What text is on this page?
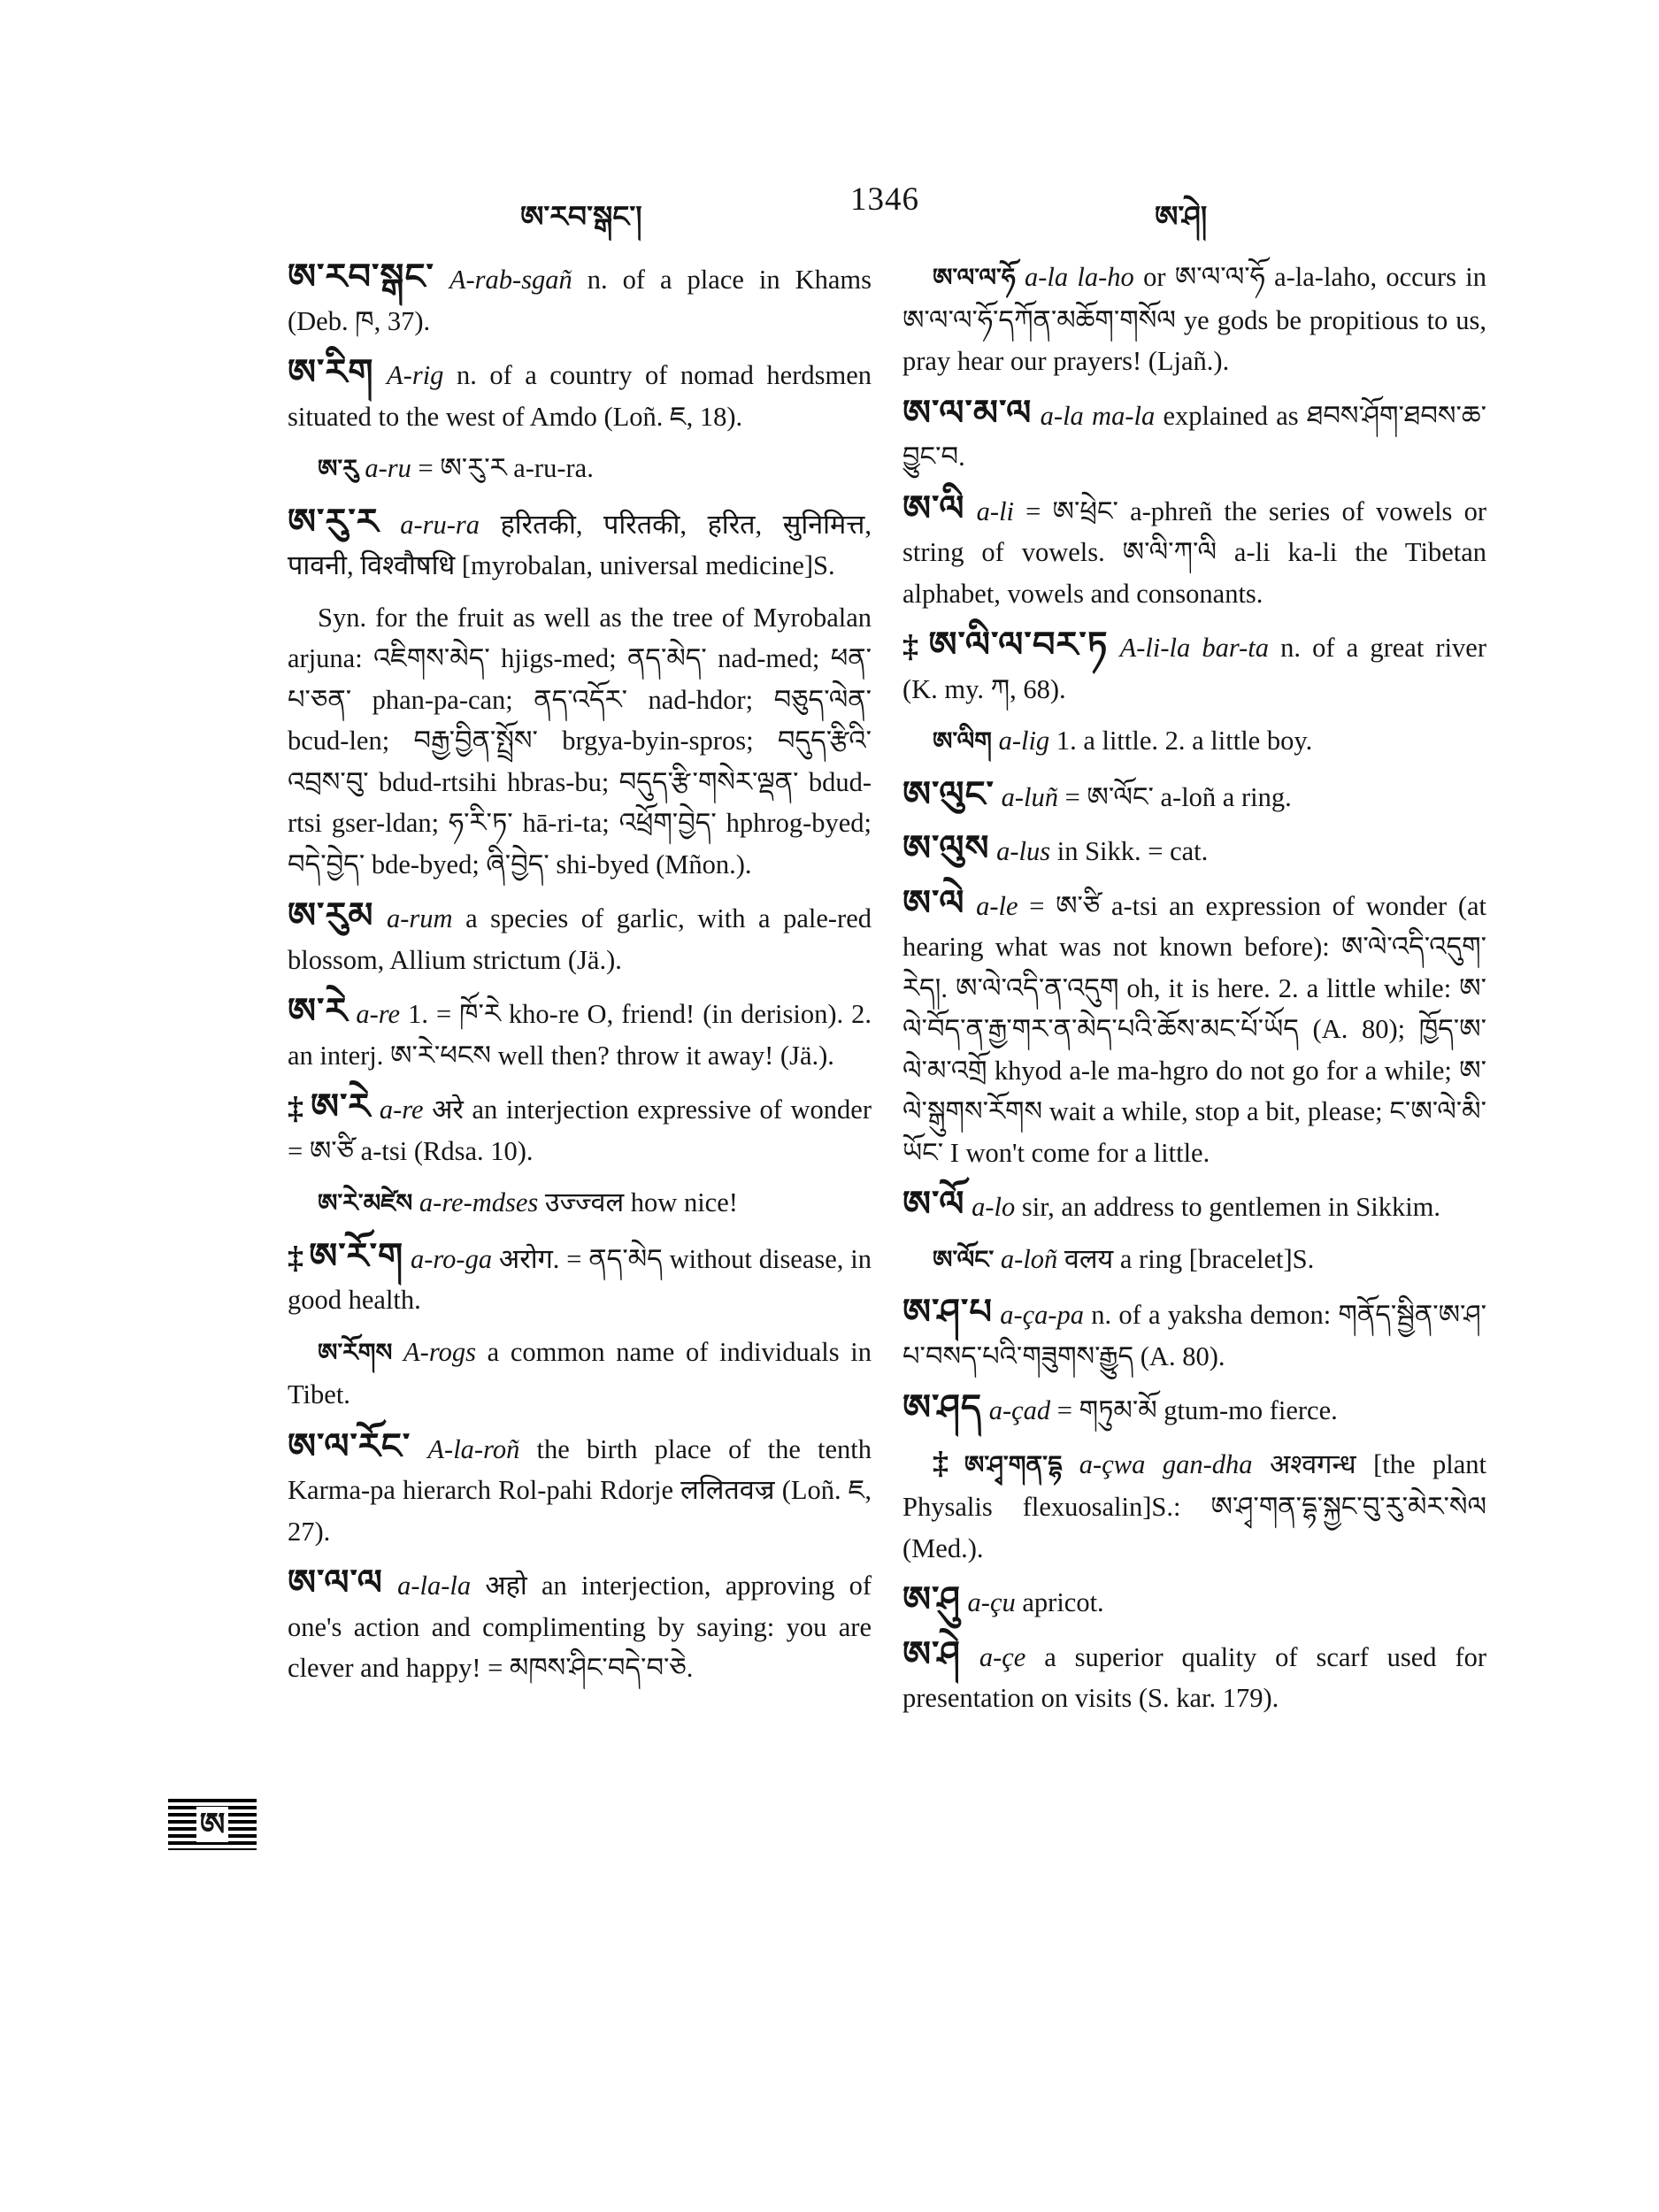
ཨ་རབ་སྒང་།	1346	ཨ་ཤེ།

ཨ་རབ་སྒང་ A-rab-sgañ n. of a place in Khams (Deb. ཁ, 37).

ཨ་རིག A-rig n. of a country of nomad herdsmen situated to the west of Amdo (Loñ. ཇ, 18).

ཨ་རུ a-ru = ཨ་རུ་ར a-ru-ra.

ཨ་རུ་ར a-ru-ra हरितकी, परितकी, हरित, सुनिमित्त, पावनी, विश्वौषधि [myrobalan, universal medicine]S.

Syn. for the fruit as well as the tree of Myrobalan arjuna: འཇིགས་མེད་ hjigs-med; ནད་མེད་ nad-med; ཕན་པ་ཅན་ phan-pa-can; ནད་འདོར་ nad-hdor; བཅུད་ལེན་ bcud-len; བརྒྱ་བྱིན་སྤྲོས་ brgya-byin-spros; བདུད་རྩིའི་འབྲས་བུ་ bdud-rtsihi hbras-bu; བདུད་རྩི་གསེར་ལྡན་ bdud-rtsi gser-ldan; ཧ་རི་ཏ་ hā-ri-ta; འཕྲོག་བྱེད་ hphrog-byed; བདེ་བྱེད་ bde-byed; ཞི་བྱེད་ shi-byed (Mñon.).

ཨ་རུམ a-rum a species of garlic, with a pale-red blossom, Allium strictum (Jä.).

ཨ་རེ a-re 1. = ཁོ་རེ kho-re O, friend! (in derision). 2. an interj. ཨ་རེ་ཕངས well then? throw it away! (Jä.).

‡ ཨ་རེ a-re अरे an interjection expressive of wonder = ཨ་ཙི a-tsi (Rdsa. 10).

ཨ་རེ་མཛེས a-re-mdses उज्ज्वल how nice!

‡ ཨ་རོ་ག a-ro-ga अरोग. = ནད་མེད without disease, in good health.

ཨ་རོགས A-rogs a common name of individuals in Tibet.

ཨ་ལ་རོང་ A-la-roñ the birth place of the tenth Karma-pa hierarch Rol-pahi Rdorje ललितवज्र (Loñ. ཇ, 27).

ཨ་ལ་ལ a-la-la अहो an interjection, approving of one's action and complimenting by saying: you are clever and happy! = མཁས་ཤིང་བདེ་བ་ཅེ.

ཨ་ལ་ལ་ཧོ a-la la-ho or ཨ་ལ་ལ་ཧོ a-la-laho, occurs in ཨ་ལ་ལ་ཧོ་དཀོན་མཆོག་གསོལ ye gods be propitious to us, pray hear our prayers! (Ljañ.).

ཨ་ལ་མ་ལ a-la ma-la explained as ཐབས་ཤོག་ཐབས་ཆ་བྱུང་བ.

ཨ་ལི a-li = ཨ་ཕྲེང་ a-phreñ the series of vowels or string of vowels. ཨ་ལི་ཀ་ལི a-li ka-li the Tibetan alphabet, vowels and consonants.

‡ ཨ་ལི་ལ་བར་ཏ A-li-la bar-ta n. of a great river (K. my. ཀ, 68).

ཨ་ལིག a-lig 1. a little. 2. a little boy.

ཨ་ལུང་ a-luñ = ཨ་ལོང་ a-loñ a ring.

ཨ་ལུས a-lus in Sikk. = cat.

ཨ་ལེ a-le = ཨ་ཙི a-tsi an expression of wonder (at hearing what was not known before): ཨ་ལེ་འདི་འདུག་རེད།. ཨ་ལེ་འདི་ན་འདུག oh, it is here. 2. a little while: ཨ་ལེ་བོད་ན་རྒྱ་གར་ན་མེད་པའི་ཆོས་མང་པོ་ཡོད (A. 80); ཁྱོད་ཨ་ལེ་མ་འགྲོ khyod a-le ma-hgro do not go for a while; ཨ་ལེ་སྒུགས་རོགས wait a while, stop a bit, please; ང་ཨ་ལེ་མི་ཡོང་ I won't come for a little.

ཨ་ལོ a-lo sir, an address to gentlemen in Sikkim.

ཨ་ལོང་ a-loñ वलय a ring [bracelet]S.

ཨ་ཤ་པ a-ça-pa n. of a yaksha demon: གནོད་སྦྱིན་ཨ་ཤ་པ་བསད་པའི་གཟུགས་རྒྱུད (A. 80).

ཨ་ཤད a-çad = གཏུམ་མོ gtum-mo fierce.

‡ ཨ་ཤྭ་གན་དྷ a-çwa gan-dha अश्वगन्ध [the plant Physalis flexuosalin]S.: ཨ་ཤྭ་གན་དྷ་སྐྱང་བུ་རུ་མེར་སེལ (Med.).

ཨ་ཤུ a-çu apricot.

ཨ་ཤེ a-çe a superior quality of scarf used for presentation on visits (S. kar. 179).

ཨ
